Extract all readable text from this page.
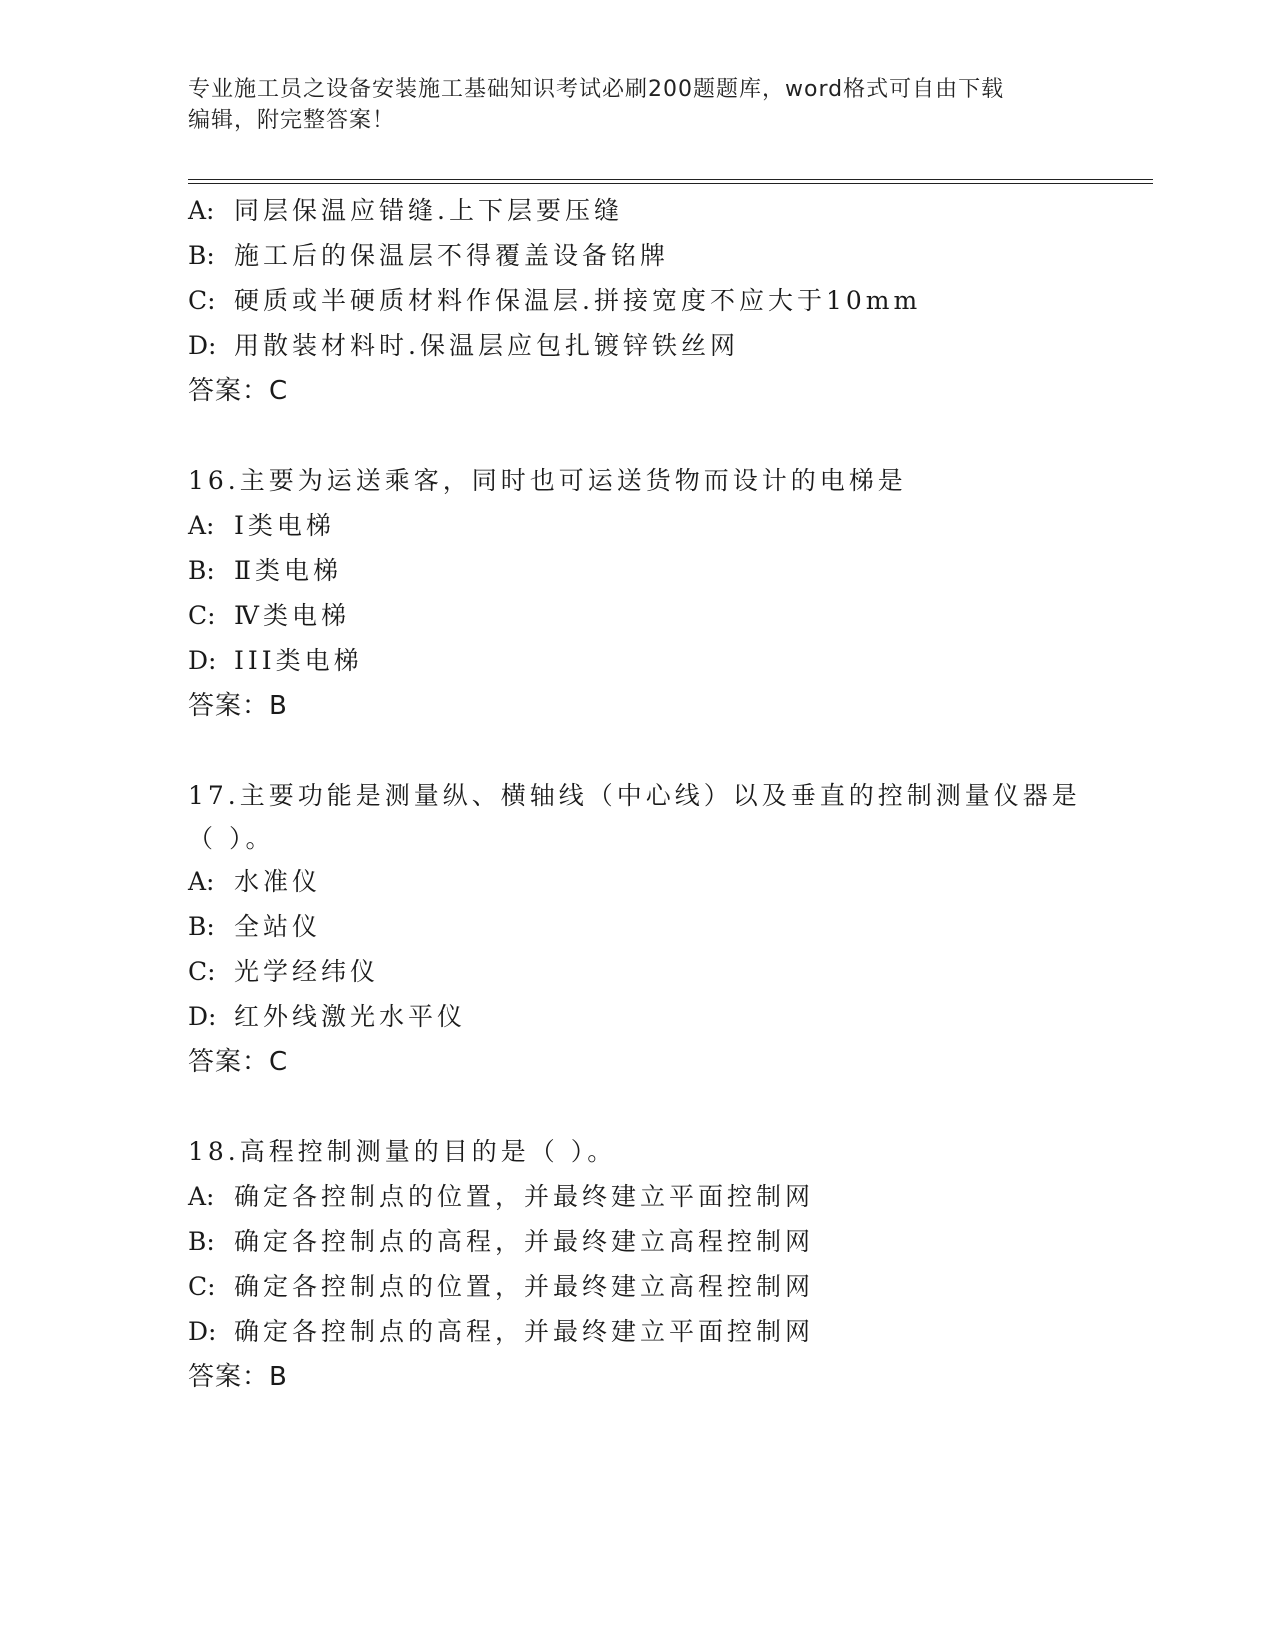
专业施工员之设备安装施工基础知识考试必刷200题题库，word格式可自由下载
编辑，附完整答案！
A: 同层保温应错缝.上下层要压缝
B: 施工后的保温层不得覆盖设备铭牌
C: 硬质或半硬质材料作保温层.拼接宽度不应大于10mm
D: 用散装材料时.保温层应包扎镀锌铁丝网
答案：C
16.主要为运送乘客，同时也可运送货物而设计的电梯是
A: Ⅰ类电梯
B: Ⅱ类电梯
C: Ⅳ类电梯
D: III类电梯
答案：B
17.主要功能是测量纵、横轴线（中心线）以及垂直的控制测量仪器是
（ ）。
A: 水准仪
B: 全站仪
C: 光学经纬仪
D: 红外线激光水平仪
答案：C
18.高程控制测量的目的是（ ）。
A: 确定各控制点的位置，并最终建立平面控制网
B: 确定各控制点的高程，并最终建立高程控制网
C: 确定各控制点的位置，并最终建立高程控制网
D: 确定各控制点的高程，并最终建立平面控制网
答案：B
